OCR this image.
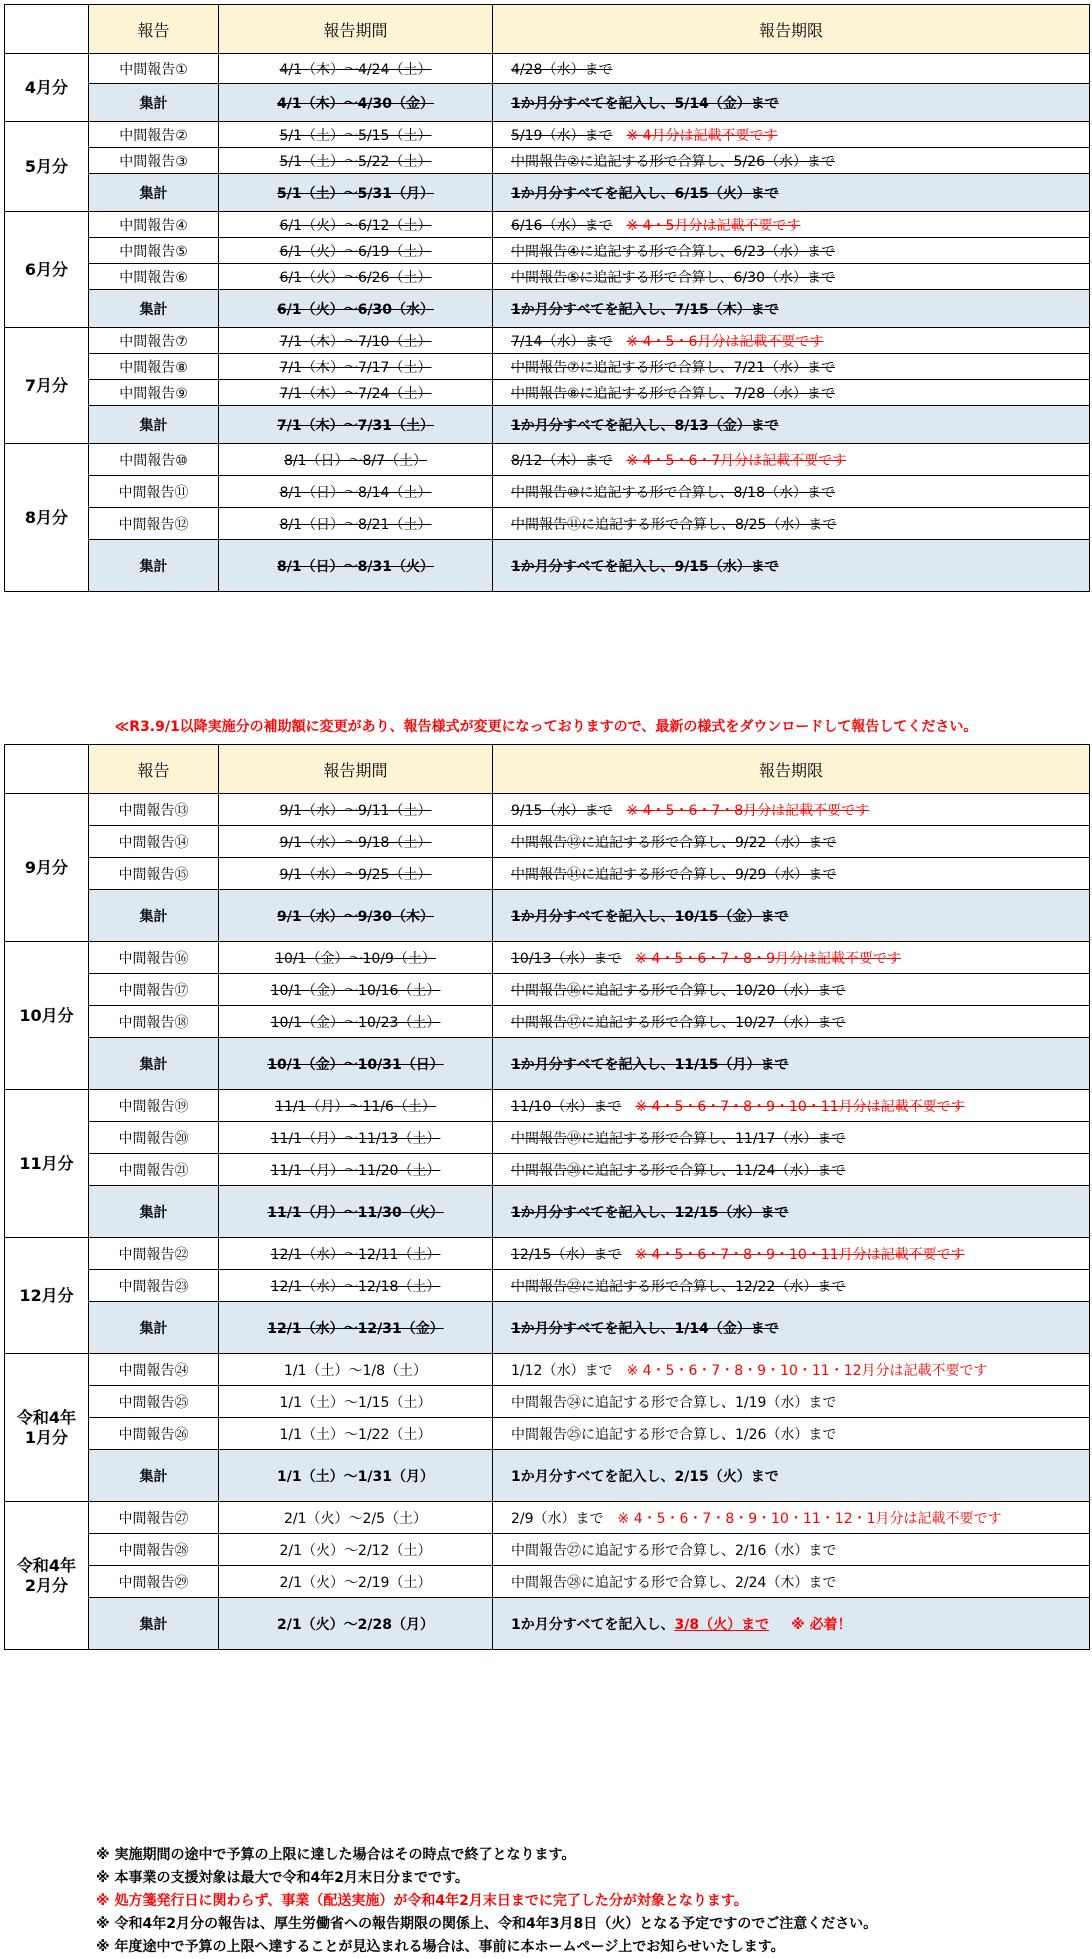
	報告	報告期間	報告期限
4月分	中間報告①	4/1（木）～4/24（土）	4/28（水）まで
	集計	4/1（木）～4/30（金）	1か月分すべてを記入し、5/14（金）まで
5月分	中間報告②	5/1（土）～5/15（土）	5/19（水）まで ※ 4月分は記載不要です
	中間報告③	5/1（土）～5/22（土）	中間報告②に追記する形で合算し、5/26（水）まで
	集計	5/1（土）～5/31（月）	1か月分すべてを記入し、6/15（火）まで
6月分	中間報告④	6/1（火）～6/12（土）	6/16（水）まで ※ 4・5月分は記載不要です
	中間報告⑤	6/1（火）～6/19（土）	中間報告④に追記する形で合算し、6/23（水）まで
	中間報告⑥	6/1（火）～6/26（土）	中間報告⑤に追記する形で合算し、6/30（水）まで
	集計	6/1（火）～6/30（水）	1か月分すべてを記入し、7/15（木）まで
7月分	中間報告⑦	7/1（木）～7/10（土）	7/14（水）まで ※ 4・5・6月分は記載不要です
	中間報告⑧	7/1（木）～7/17（土）	中間報告⑦に追記する形で合算し、7/21（水）まで
	中間報告⑨	7/1（木）～7/24（土）	中間報告⑧に追記する形で合算し、7/28（水）まで
	集計	7/1（木）～7/31（土）	1か月分すべてを記入し、8/13（金）まで
8月分	中間報告⑩	8/1（日）～8/7（土）	8/12（木）まで ※ 4・5・6・7月分は記載不要です
	中間報告⑪	8/1（日）～8/14（土）	中間報告⑩に追記する形で合算し、8/18（水）まで
	中間報告⑫	8/1（日）～8/21（土）	中間報告⑪に追記する形で合算し、8/25（水）まで
	集計	8/1（日）～8/31（火）	1か月分すべてを記入し、9/15（水）まで
≪R3.9/1以降実施分の補助額に変更があり、報告様式が変更になっておりますので、最新の様式をダウンロードして報告してください。
	報告	報告期間	報告期限
9月分	中間報告⑬	9/1（水）～9/11（土）	9/15（水）まで ※ 4・5・6・7・8月分は記載不要です
	中間報告⑭	9/1（水）～9/18（土）	中間報告⑬に追記する形で合算し、9/22（水）まで
	中間報告⑮	9/1（水）～9/25（土）	中間報告⑭に追記する形で合算し、9/29（水）まで
	集計	9/1（水）～9/30（木）	1か月分すべてを記入し、10/15（金）まで
10月分	中間報告⑯	10/1（金）～10/9（土）	10/13（水）まで ※ 4・5・6・7・8・9月分は記載不要です
	中間報告⑰	10/1（金）～10/16（土）	中間報告⑯に追記する形で合算し、10/20（水）まで
	中間報告⑱	10/1（金）～10/23（土）	中間報告⑰に追記する形で合算し、10/27（水）まで
	集計	10/1（金）～10/31（日）	1か月分すべてを記入し、11/15（月）まで
11月分	中間報告⑲	11/1（月）～11/6（土）	11/10（水）まで ※ 4・5・6・7・8・9・10・11月分は記載不要です
	中間報告⑳	11/1（月）～11/13（土）	中間報告⑲に追記する形で合算し、11/17（水）まで
	中間報告㉑	11/1（月）～11/20（土）	中間報告⑳に追記する形で合算し、11/24（水）まで
	集計	11/1（月）～11/30（火）	1か月分すべてを記入し、12/15（水）まで
12月分	中間報告㉒	12/1（水）～12/11（土）	12/15（水）まで ※ 4・5・6・7・8・9・10・11月分は記載不要です
	中間報告㉓	12/1（水）～12/18（土）	中間報告㉒に追記する形で合算し、12/22（水）まで
	集計	12/1（水）～12/31（金）	1か月分すべてを記入し、1/14（金）まで
令和4年
1月分	中間報告㉔	1/1（土）～1/8（土）	1/12（水）まで ※ 4・5・6・7・8・9・10・11・12月分は記載不要です
	中間報告㉕	1/1（土）～1/15（土）	中間報告㉔に追記する形で合算し、1/19（水）まで
	中間報告㉖	1/1（土）～1/22（土）	中間報告㉕に追記する形で合算し、1/26（水）まで
	集計	1/1（土）～1/31（月）	1か月分すべてを記入し、2/15（火）まで
令和4年
2月分	中間報告㉗	2/1（火）～2/5（土）	2/9（水）まで ※ 4・5・6・7・8・9・10・11・12・1月分は記載不要です
	中間報告㉘	2/1（火）～2/12（土）	中間報告㉗に追記する形で合算し、2/16（水）まで
	中間報告㉙	2/1（火）～2/19（土）	中間報告㉘に追記する形で合算し、2/24（木）まで
	集計	2/1（火）～2/28（月）	1か月分すべてを記入し、3/8（火）まで ※ 必着！
※ 実施期間の途中で予算の上限に達した場合はその時点で終了となります。
※ 本事業の支援対象は最大で令和4年2月末日分までです。
※ 処方箋発行日に関わらず、事業（配送実施）が令和4年2月末日までに完了した分が対象となります。
※ 令和4年2月分の報告は、厚生労働省への報告期限の関係上、令和4年3月8日（火）となる予定ですのでご注意ください。
※ 年度途中で予算の上限へ達することが見込まれる場合は、事前に本ホームページ上でお知らせいたします。
